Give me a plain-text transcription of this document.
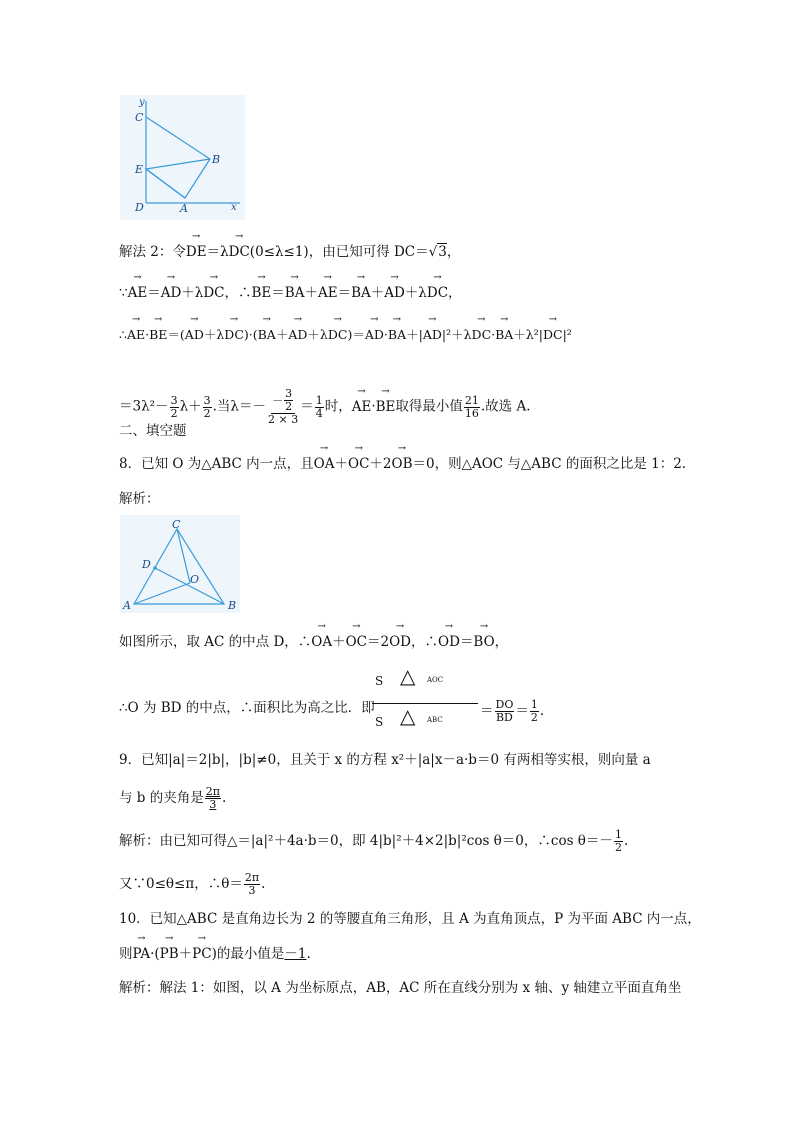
y
C
E
B
D	A	x
解法 2：令→ DE＝λ→ DC(0≤λ≤1)，由已知可得 DC＝√3，
∵→ AE＝→ AD＋λ→ DC，∴→ BE＝→ BA＋→ AE＝→ BA＋→ AD＋λ→ DC，
∴→ AE·→ BE＝(→ AD＋λ→ DC)·(→ BA＋→ AD＋λ→ DC)＝→ AD·→ BA＋|→ AD|²＋λ→ DC·→ BA＋λ²|→ DC|²
$=3\lambda^2- \frac{3}{2} \lambda+ \frac{3}{2}$ .当$\lambda=- \frac{- \frac{3}{2}}{2 \times 3} = \frac{1}{4}$ 时，→ AE·→ BE取得最小值 $\frac{21}{16}$ .故选 A.
二、填空题
8．已知 O 为△ABC 内一点，且→ OA＋→ OC＋2→ OB＝0，则△AOC 与△ABC 的面积之比是 1：2.
解析：
C
D
O
A	B
如图所示，取 AC 的中点 D，∴→ OA＋→ OC＝2→ OD，∴→ OD＝→ BO，
∴O 为 BD 的中点，∴面积比为高之比．即
S △ AOC
S △ ABC
＝ $\frac{DO}{BD} = \frac{1}{2}$ .
9．已知|a|＝2|b|，|b|≠0，且关于 x 的方程 x²＋|a|x－a·b＝0 有两相等实根，则向量 a
与 b 的夹角是 $\frac{2\pi}{3}$ .
解析：由已知可得△＝|a|²＋4a·b＝0，即 4|b|²＋4×2|b|²cos θ＝0，∴cos $\theta=- \frac{1}{2}$ .
又∵0≤θ≤π，∴θ＝ $\frac{2\pi}{3}$ .
10．已知△ABC 是直角边长为 2 的等腰直角三角形，且 A 为直角顶点，P 为平面 ABC 内一点，
则→ PA·(→ PB＋→ PC)的最小值是－1.
解析：解法 1：如图，以 A 为坐标原点，AB，AC 所在直线分别为 x 轴、y 轴建立平面直角坐
